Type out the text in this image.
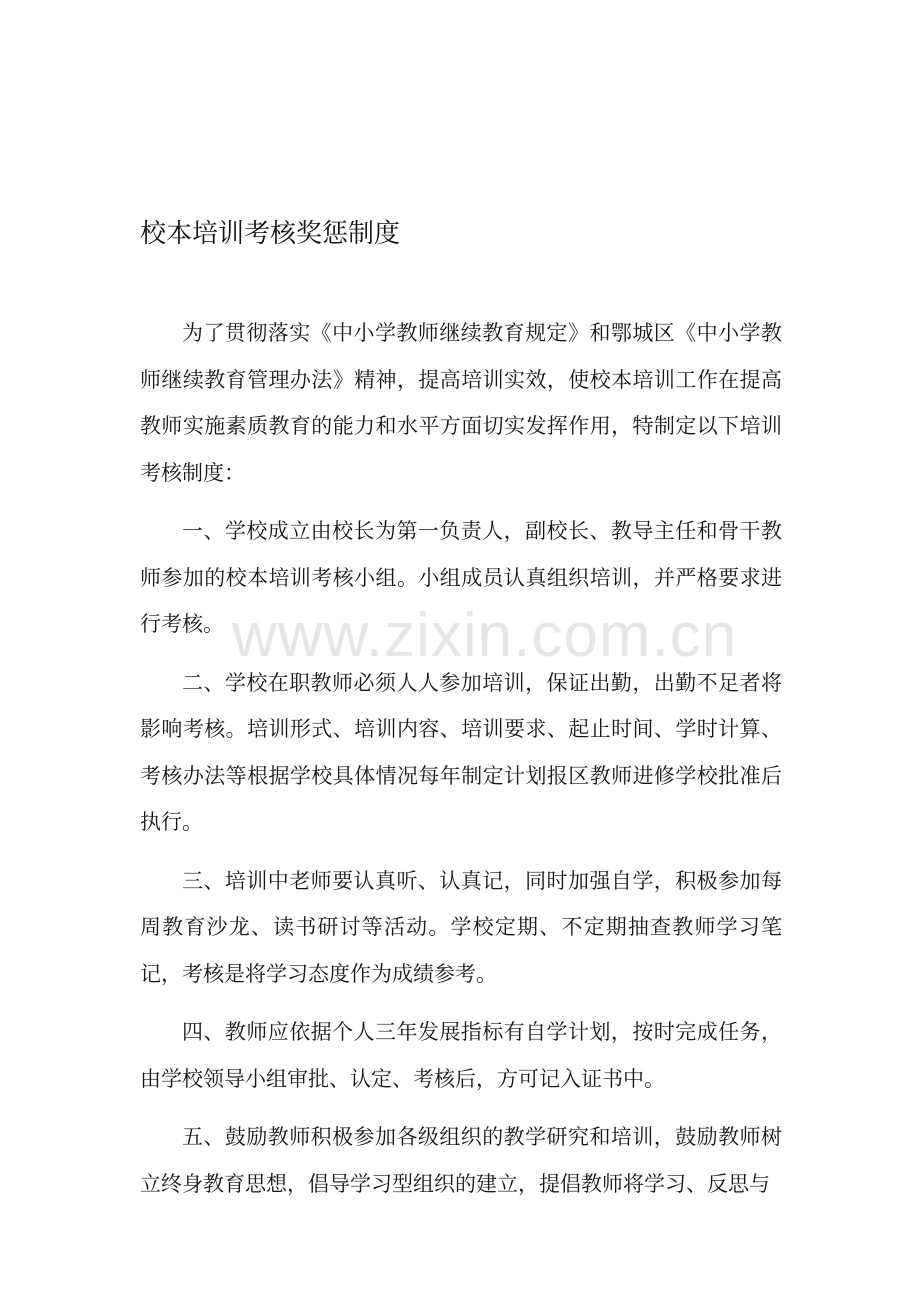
校本培训考核奖惩制度

为了贯彻落实《中小学教师继续教育规定》和鄂城区《中小学教师继续教育管理办法》精神，提高培训实效，使校本培训工作在提高教师实施素质教育的能力和水平方面切实发挥作用，特制定以下培训考核制度：

一、学校成立由校长为第一负责人，副校长、教导主任和骨干教师参加的校本培训考核小组。小组成员认真组织培训，并严格要求进行考核。

二、学校在职教师必须人人参加培训，保证出勤，出勤不足者将影响考核。培训形式、培训内容、培训要求、起止时间、学时计算、考核办法等根据学校具体情况每年制定计划报区教师进修学校批准后执行。

三、培训中老师要认真听、认真记，同时加强自学，积极参加每周教育沙龙、读书研讨等活动。学校定期、不定期抽查教师学习笔记，考核是将学习态度作为成绩参考。

四、教师应依据个人三年发展指标有自学计划，按时完成任务，由学校领导小组审批、认定、考核后，方可记入证书中。

五、鼓励教师积极参加各级组织的教学研究和培训，鼓励教师树立终身教育思想，倡导学习型组织的建立，提倡教师将学习、反思与

www.zixin.com.cn
